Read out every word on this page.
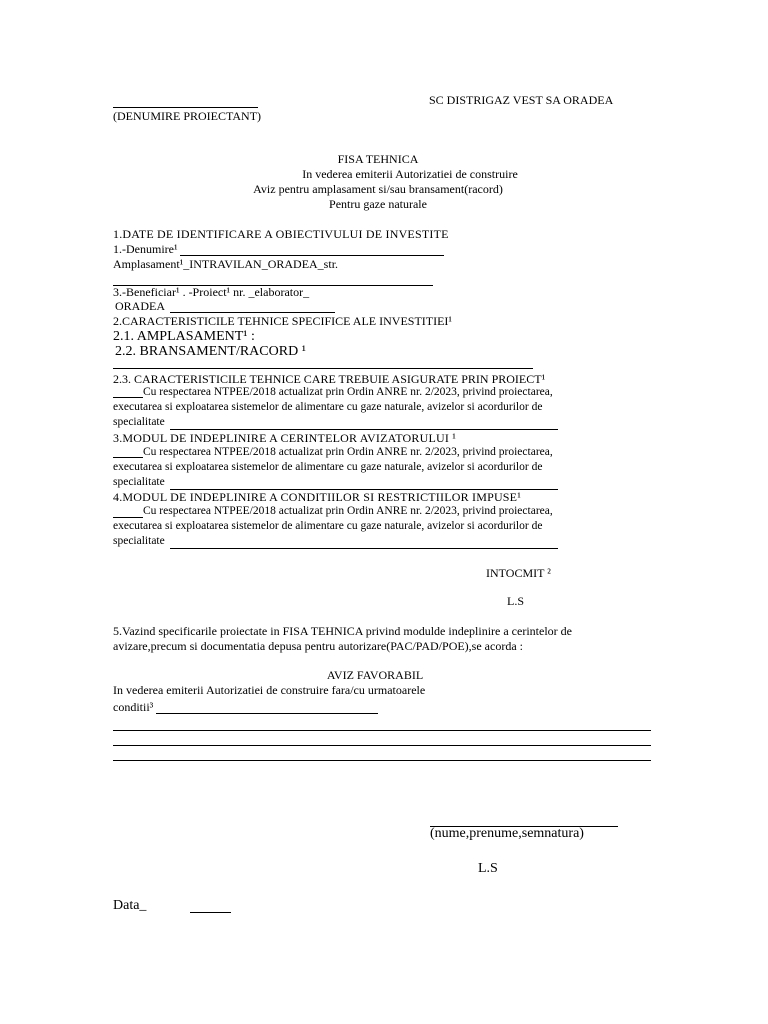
SC DISTRIGAZ VEST SA ORADEA
(DENUMIRE PROIECTANT)
FISA TEHNICA
In vederea emiterii Autorizatiei de construire
Aviz pentru amplasament si/sau bransament(racord)
Pentru gaze naturale
1.DATE DE IDENTIFICARE A OBIECTIVULUI DE INVESTITE
1.-Denumire¹
Amplasament¹_INTRAVILAN_ORADEA_str.
3.-Beneficiar¹ . -Proiect¹ nr. _elaborator_
ORADEA
2.CARACTERISTICILE TEHNICE SPECIFICE ALE INVESTITIEI¹
2.1. AMPLASAMENT¹ :
2.2. BRANSAMENT/RACORD ¹
2.3. CARACTERISTICILE TEHNICE CARE TREBUIE ASIGURATE PRIN PROIECT¹
Cu respectarea NTPEE/2018 actualizat prin Ordin ANRE nr. 2/2023, privind proiectarea,
executarea si exploatarea sistemelor de alimentare cu gaze naturale, avizelor si acordurilor de
specialitate
3.MODUL DE INDEPLINIRE A CERINTELOR AVIZATORULUI ¹
Cu respectarea NTPEE/2018 actualizat prin Ordin ANRE nr. 2/2023, privind proiectarea,
executarea si exploatarea sistemelor de alimentare cu gaze naturale, avizelor si acordurilor de
specialitate
4.MODUL DE INDEPLINIRE A CONDITIILOR SI RESTRICTIILOR IMPUSE¹
Cu respectarea NTPEE/2018 actualizat prin Ordin ANRE nr. 2/2023, privind proiectarea,
executarea si exploatarea sistemelor de alimentare cu gaze naturale, avizelor si acordurilor de
specialitate
INTOCMIT ²
L.S
5.Vazind specificarile proiectate in FISA TEHNICA privind modulde indeplinire a cerintelor de
avizare,precum si documentatia depusa pentru autorizare(PAC/PAD/POE),se acorda :
AVIZ FAVORABIL
In vederea emiterii Autorizatiei de construire fara/cu urmatoarele
conditii³
(nume,prenume,semnatura)
L.S
Data_
